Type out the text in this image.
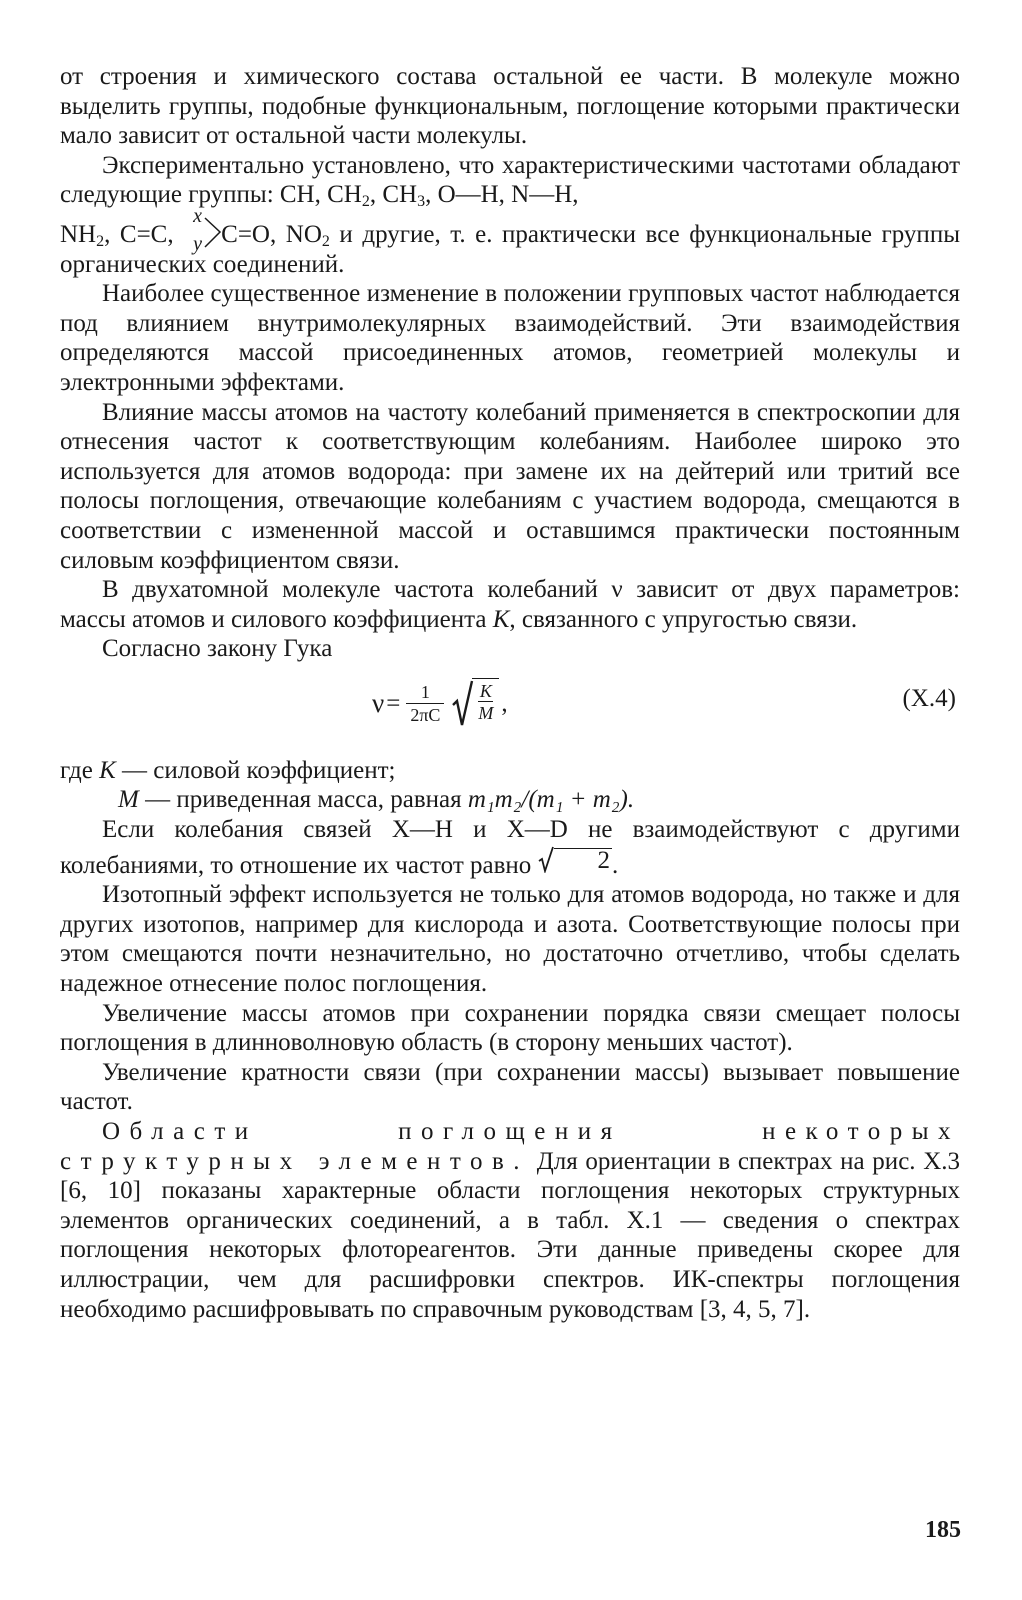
от строения и химического состава остальной ее части. В молекуле можно выделить группы, подобные функциональным, поглощение которыми практически мало зависит от остальной части молекулы.

Экспериментально установлено, что характеристическими частотами обладают следующие группы: CH, $CH_2$, $CH_3$, O—H, N—H,
$NH_2$, C=C,
x
y C=O, $NO_2$ и другие, т. е. практически все функциональные группы органических соединений.

Наиболее существенное изменение в положении групповых частот наблюдается под влиянием внутримолекулярных взаимодействий. Эти взаимодействия определяются массой присоединенных атомов, геометрией молекулы и электронными эффектами.

Влияние массы атомов на частоту колебаний применяется в спектроскопии для отнесения частот к соответствующим колебаниям. Наиболее широко это используется для атомов водорода: при замене их на дейтерий или тритий все полосы поглощения, отвечающие колебаниям с участием водорода, смещаются в соответствии с измененной массой и оставшимся практически постоянным силовым коэффициентом связи.

В двухатомной молекуле частота колебаний ν зависит от двух параметров: массы атомов и силового коэффициента K, связанного с упругостью связи.

Согласно закону Гука

$\nu = \frac{1}{2\pi C}$ K
M ,	(X.4)

где K — силовой коэффициент;

M — приведенная масса, равная m₁m₂/(m₁ + m₂).

Если колебания связей X—H и X—D не взаимодействуют с другими колебаниями, то отношение их частот равно	2 .

Изотопный эффект используется не только для атомов водорода, но также и для других изотопов, например для кислорода и азота. Соответствующие полосы при этом смещаются почти незначительно, но достаточно отчетливо, чтобы сделать надежное отнесение полос поглощения.

Увеличение массы атомов при сохранении порядка связи смещает полосы поглощения в длинноволновую область (в сторону меньших частот).

Увеличение кратности связи (при сохранении массы) вызывает повышение частот.

Области поглощения некоторых структурных элементов. Для ориентации в спектрах на рис. X.3 [6, 10] показаны характерные области поглощения некоторых структурных элементов органических соединений, а в табл. X.1 — сведения о спектрах поглощения некоторых флотореагентов. Эти данные приведены скорее для иллюстрации, чем для расшифровки спектров. ИК-спектры поглощения необходимо расшифровывать по справочным руководствам [3, 4, 5, 7].

185
